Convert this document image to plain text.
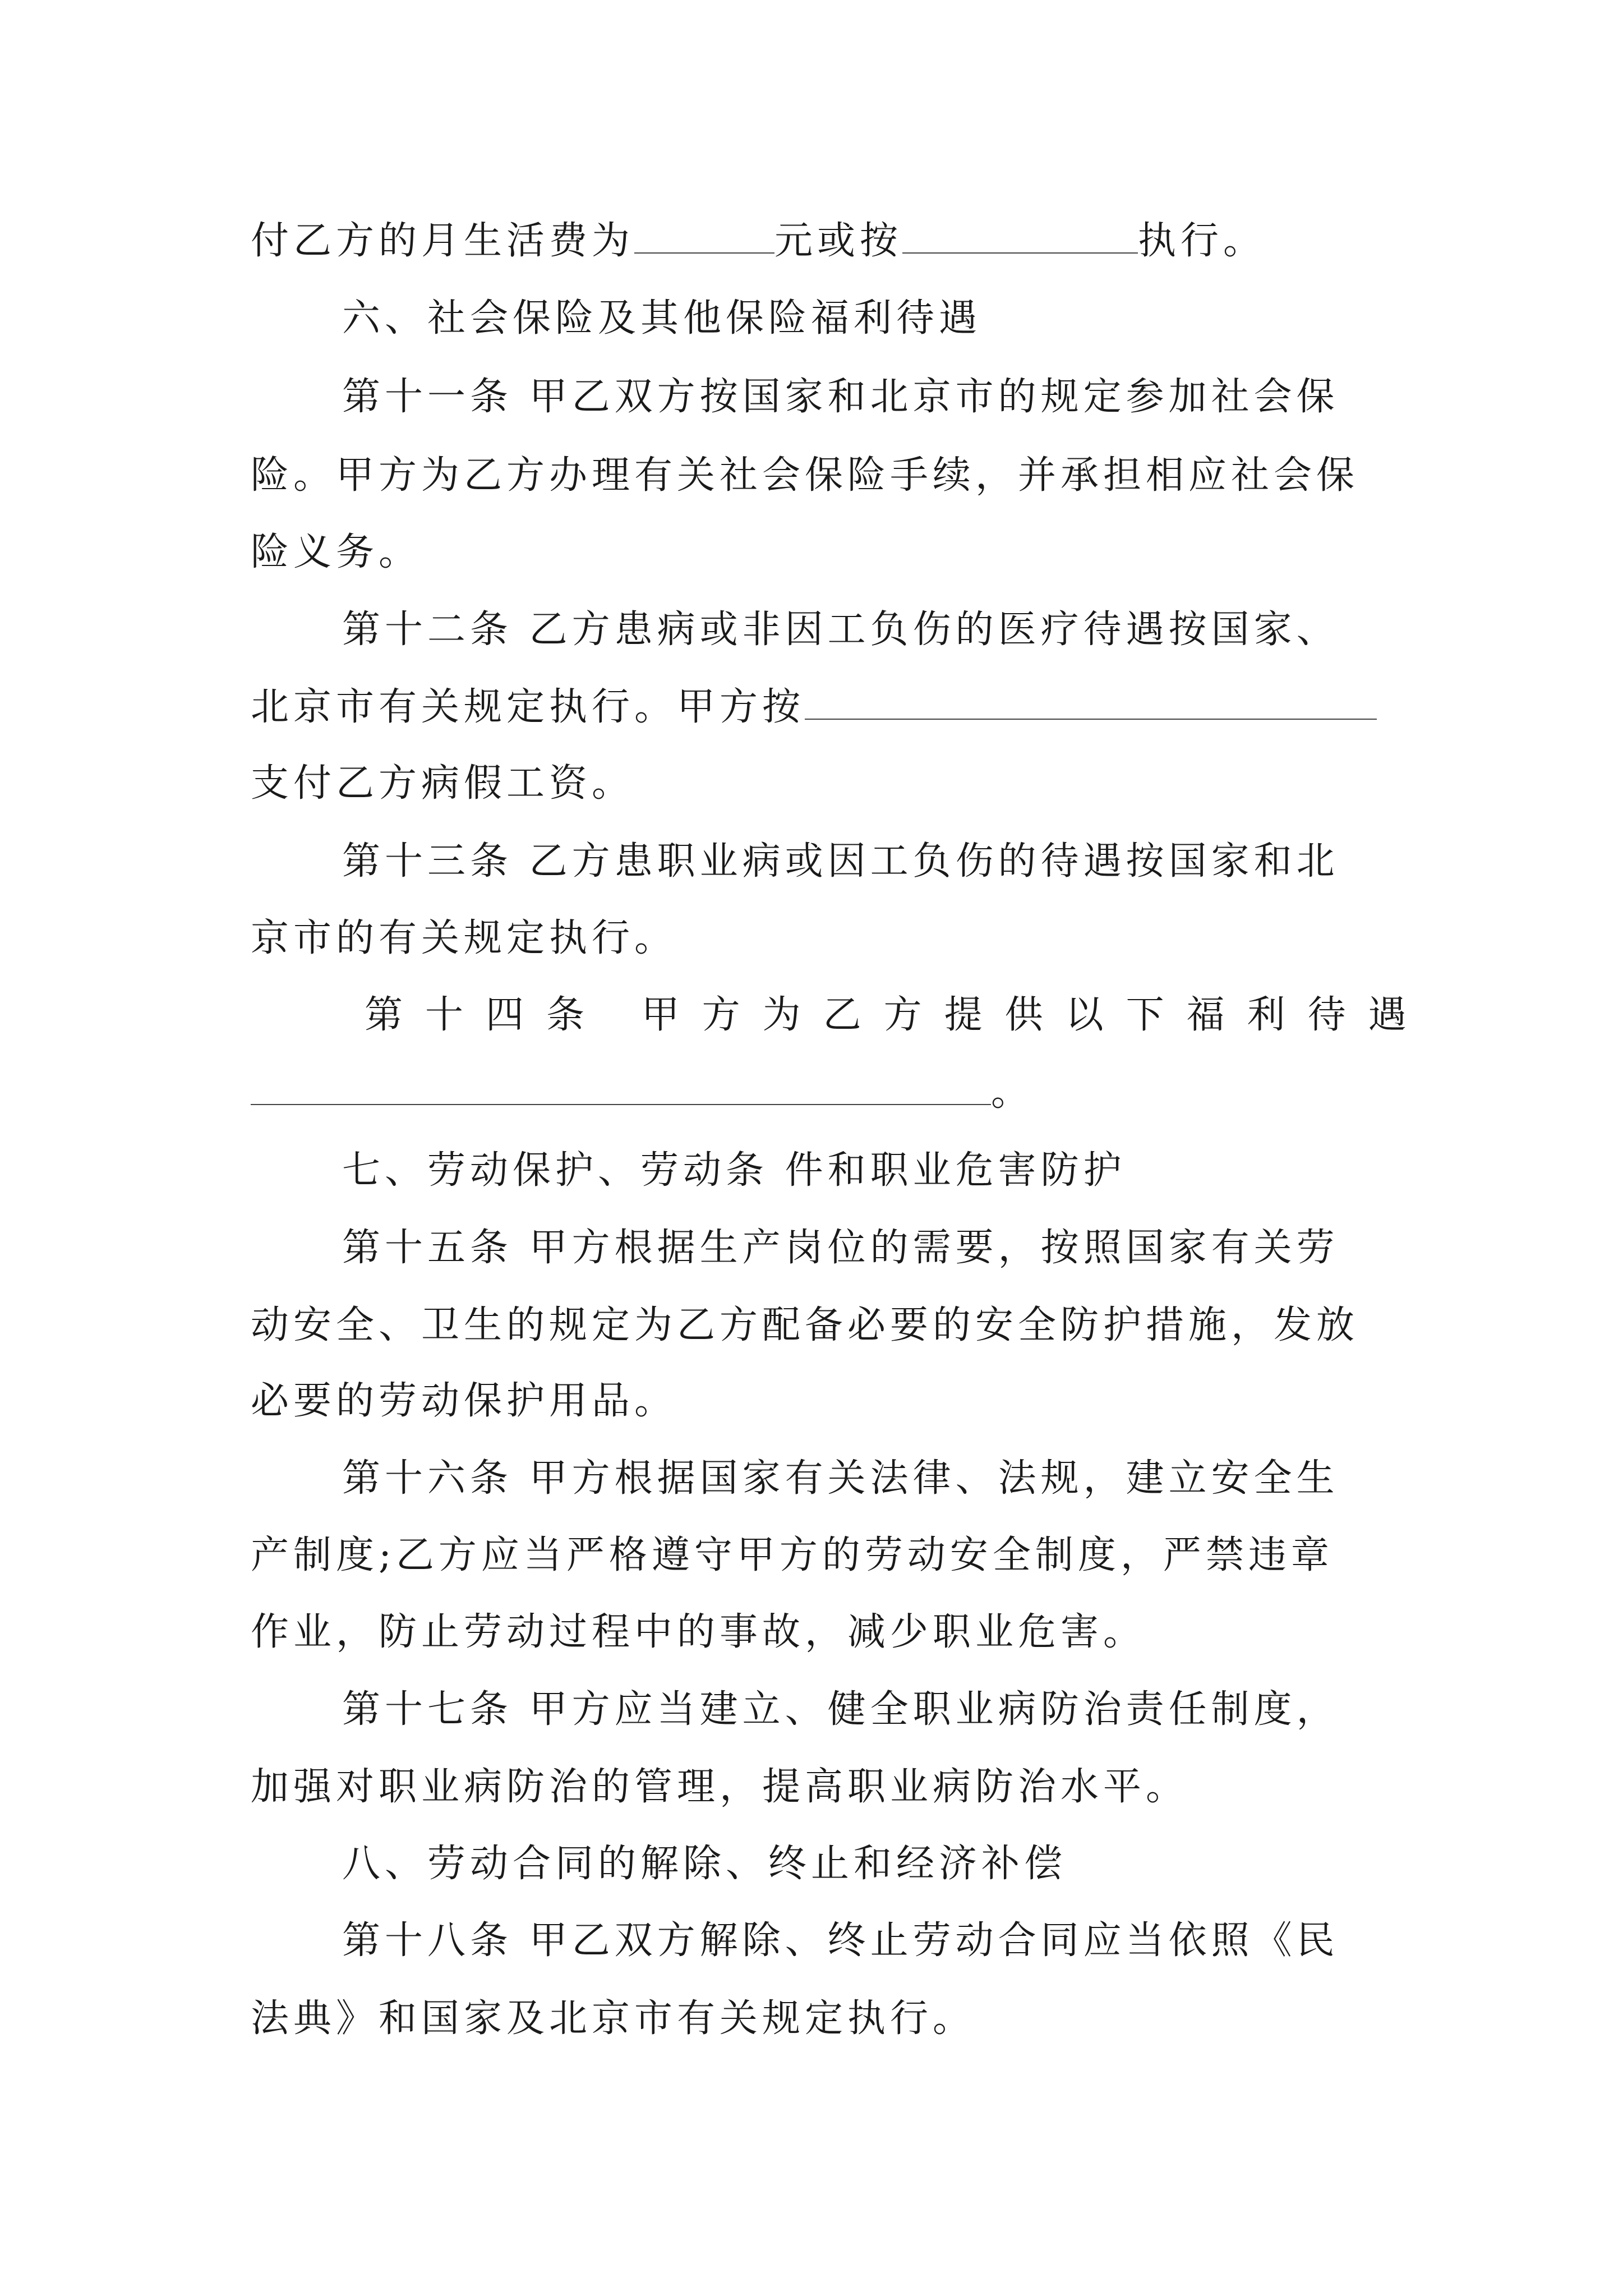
付乙方的月生活费为	元或按	执行。
六、社会保险及其他保险福利待遇
第十一条 甲乙双方按国家和北京市的规定参加社会保
险。甲方为乙方办理有关社会保险手续，并承担相应社会保
险义务。
第十二条 乙方患病或非因工负伤的医疗待遇按国家、
北京市有关规定执行。甲方按
支付乙方病假工资。
第十三条 乙方患职业病或因工负伤的待遇按国家和北
京市的有关规定执行。
第十四条 甲方为乙方提供以下福利待遇
。
七、劳动保护、劳动条 件和职业危害防护
第十五条 甲方根据生产岗位的需要，按照国家有关劳
动安全、卫生的规定为乙方配备必要的安全防护措施，发放
必要的劳动保护用品。
第十六条 甲方根据国家有关法律、法规，建立安全生
产制度;乙方应当严格遵守甲方的劳动安全制度，严禁违章
作业，防止劳动过程中的事故，减少职业危害。
第十七条 甲方应当建立、健全职业病防治责任制度，
加强对职业病防治的管理，提高职业病防治水平。
八、劳动合同的解除、终止和经济补偿
第十八条 甲乙双方解除、终止劳动合同应当依照《民
法典》和国家及北京市有关规定执行。
